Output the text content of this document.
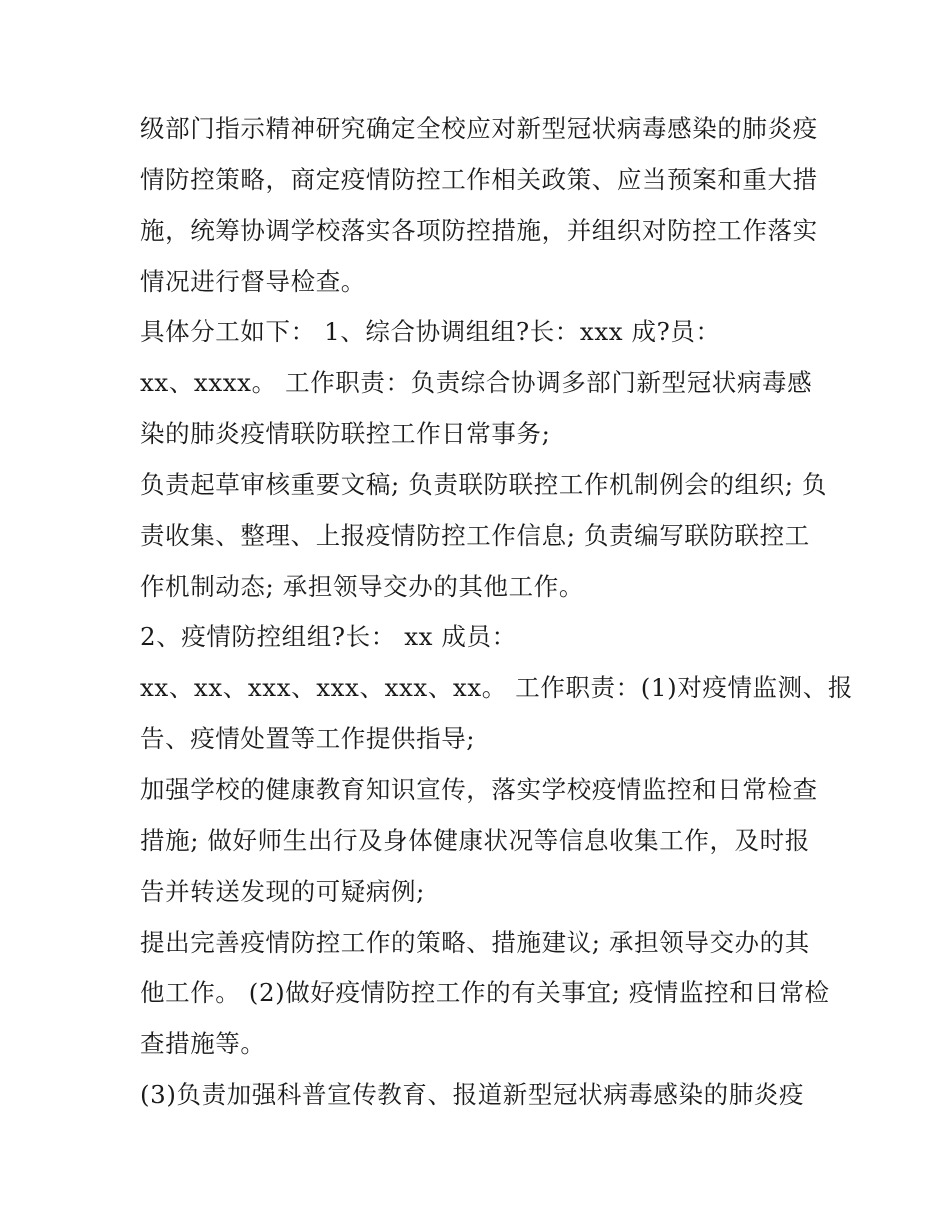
级部门指示精神研究确定全校应对新型冠状病毒感染的肺炎疫
情防控策略，商定疫情防控工作相关政策、应当预案和重大措
施，统筹协调学校落实各项防控措施，并组织对防控工作落实
情况进行督导检查。
具体分工如下： 1、综合协调组组?长：xxx 成?员：
xx、xxxx。 工作职责：负责综合协调多部门新型冠状病毒感
染的肺炎疫情联防联控工作日常事务;
负责起草审核重要文稿; 负责联防联控工作机制例会的组织; 负
责收集、整理、上报疫情防控工作信息; 负责编写联防联控工
作机制动态; 承担领导交办的其他工作。
2、疫情防控组组?长： xx 成员：
xx、xx、xxx、xxx、xxx、xx。 工作职责：(1)对疫情监测、报
告、疫情处置等工作提供指导;
加强学校的健康教育知识宣传，落实学校疫情监控和日常检查
措施; 做好师生出行及身体健康状况等信息收集工作，及时报
告并转送发现的可疑病例;
提出完善疫情防控工作的策略、措施建议; 承担领导交办的其
他工作。 (2)做好疫情防控工作的有关事宜; 疫情监控和日常检
查措施等。
(3)负责加强科普宣传教育、报道新型冠状病毒感染的肺炎疫
